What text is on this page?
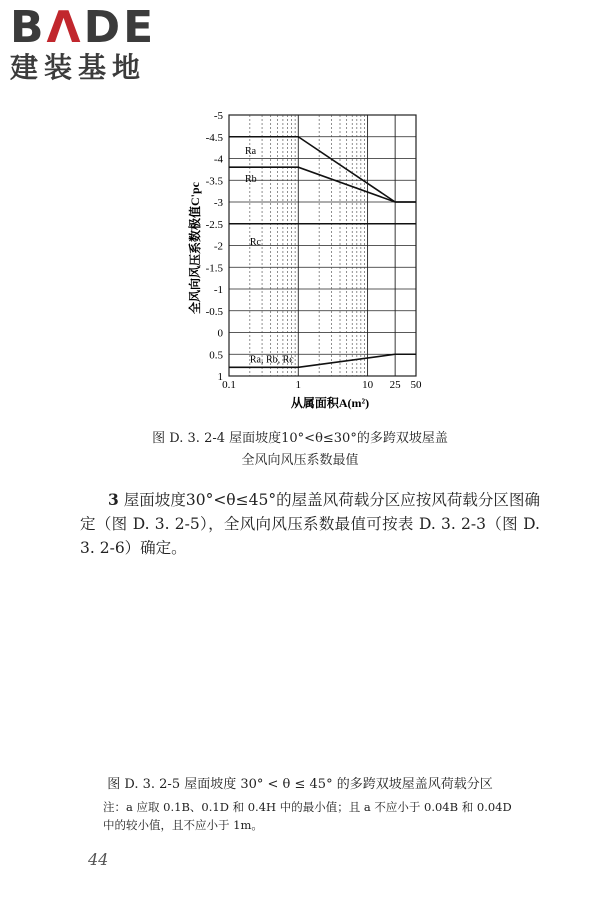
BΛDE
建装基地
-5
-4.5
-4
-3.5
-3
-2.5
-2
-1.5
-1
-0.5
0
0.5
1
0.1	1	10 25 50
Ra
Rb
Rc
Ra, Rb, Rc
从属面积A(m²)
全风向风压系数极值C'pc
图 D. 3. 2-4 屋面坡度10°<θ≤30°的多跨双坡屋盖
全风向风压系数最值
3 屋面坡度30°<θ≤45°的屋盖风荷载分区应按风荷载分区图确定（图 D. 3. 2-5），全风向风压系数最值可按表 D. 3. 2-3（图 D. 3. 2-6）确定。
图 D. 3. 2-5 屋面坡度 30° < θ ≤ 45° 的多跨双坡屋盖风荷载分区
注：a 应取 0.1B、0.1D 和 0.4H 中的最小值；且 a 不应小于 0.04B 和 0.04D 中的较小值，且不应小于 1m。
44
